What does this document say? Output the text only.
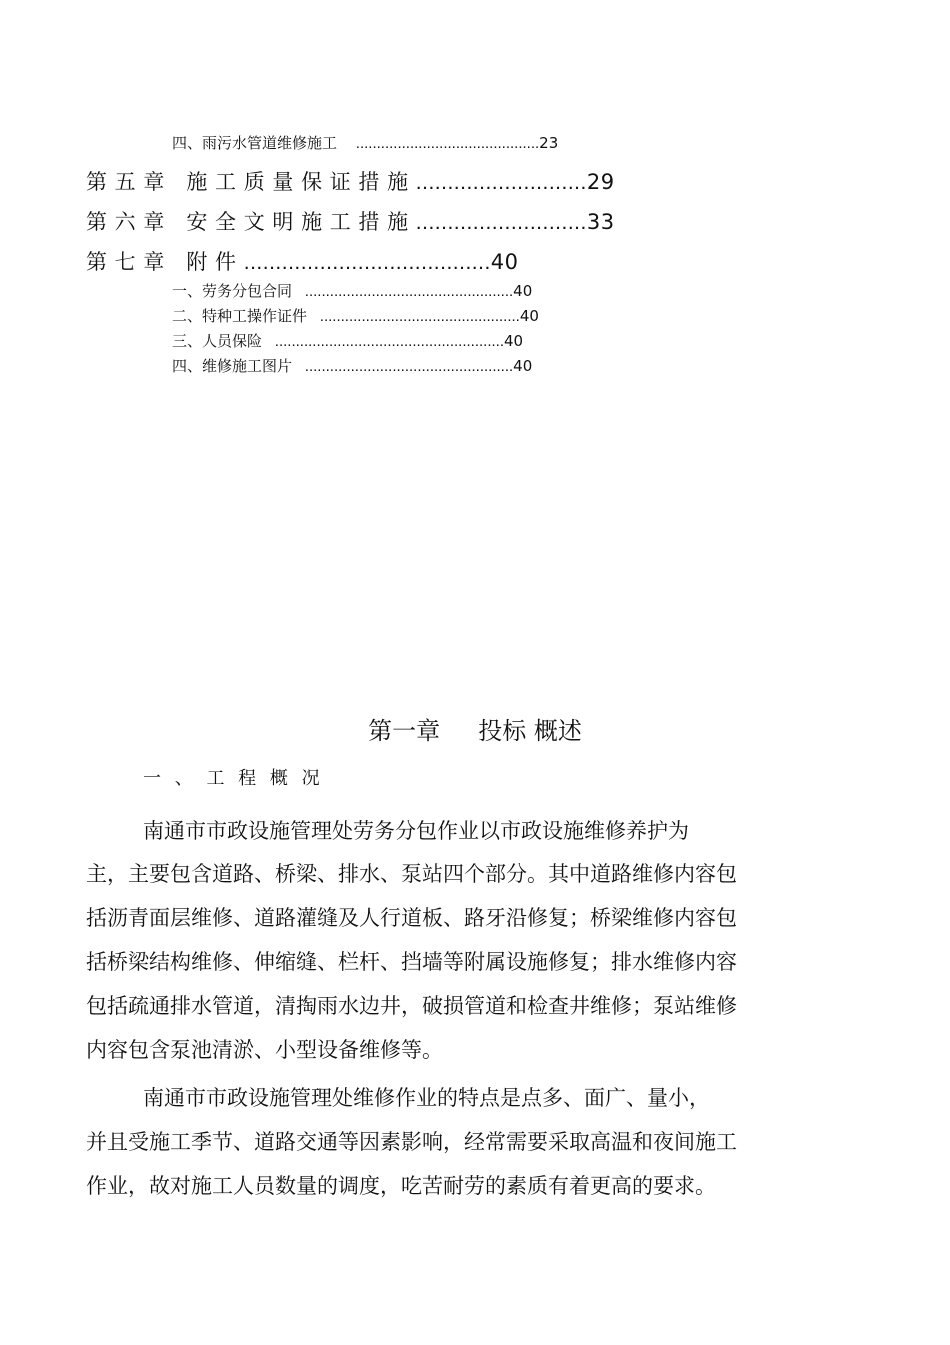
四、雨污水管道维修施工 ............................................23
第 五 章   施 工 质 量 保 证 措 施 ...........................29
第 六 章   安 全 文 明 施 工 措 施 ...........................33
第 七 章   附 件 .......................................40
一、劳务分包合同 ..................................................40
二、特种工操作证件 ................................................40
三、人员保险 .......................................................40
四、维修施工图片 ..................................................40
第一章     投标 概述
一 、 工 程 概 况
南通市市政设施管理处劳务分包作业以市政设施维修养护为
主，主要包含道路、桥梁、排水、泵站四个部分。其中道路维修内容包
括沥青面层维修、道路灌缝及人行道板、路牙沿修复；桥梁维修内容包
括桥梁结构维修、伸缩缝、栏杆、挡墙等附属设施修复；排水维修内容
包括疏通排水管道，清掏雨水边井，破损管道和检查井维修；泵站维修
内容包含泵池清淤、小型设备维修等。
南通市市政设施管理处维修作业的特点是点多、面广、量小，
并且受施工季节、道路交通等因素影响，经常需要采取高温和夜间施工
作业，故对施工人员数量的调度，吃苦耐劳的素质有着更高的要求。
